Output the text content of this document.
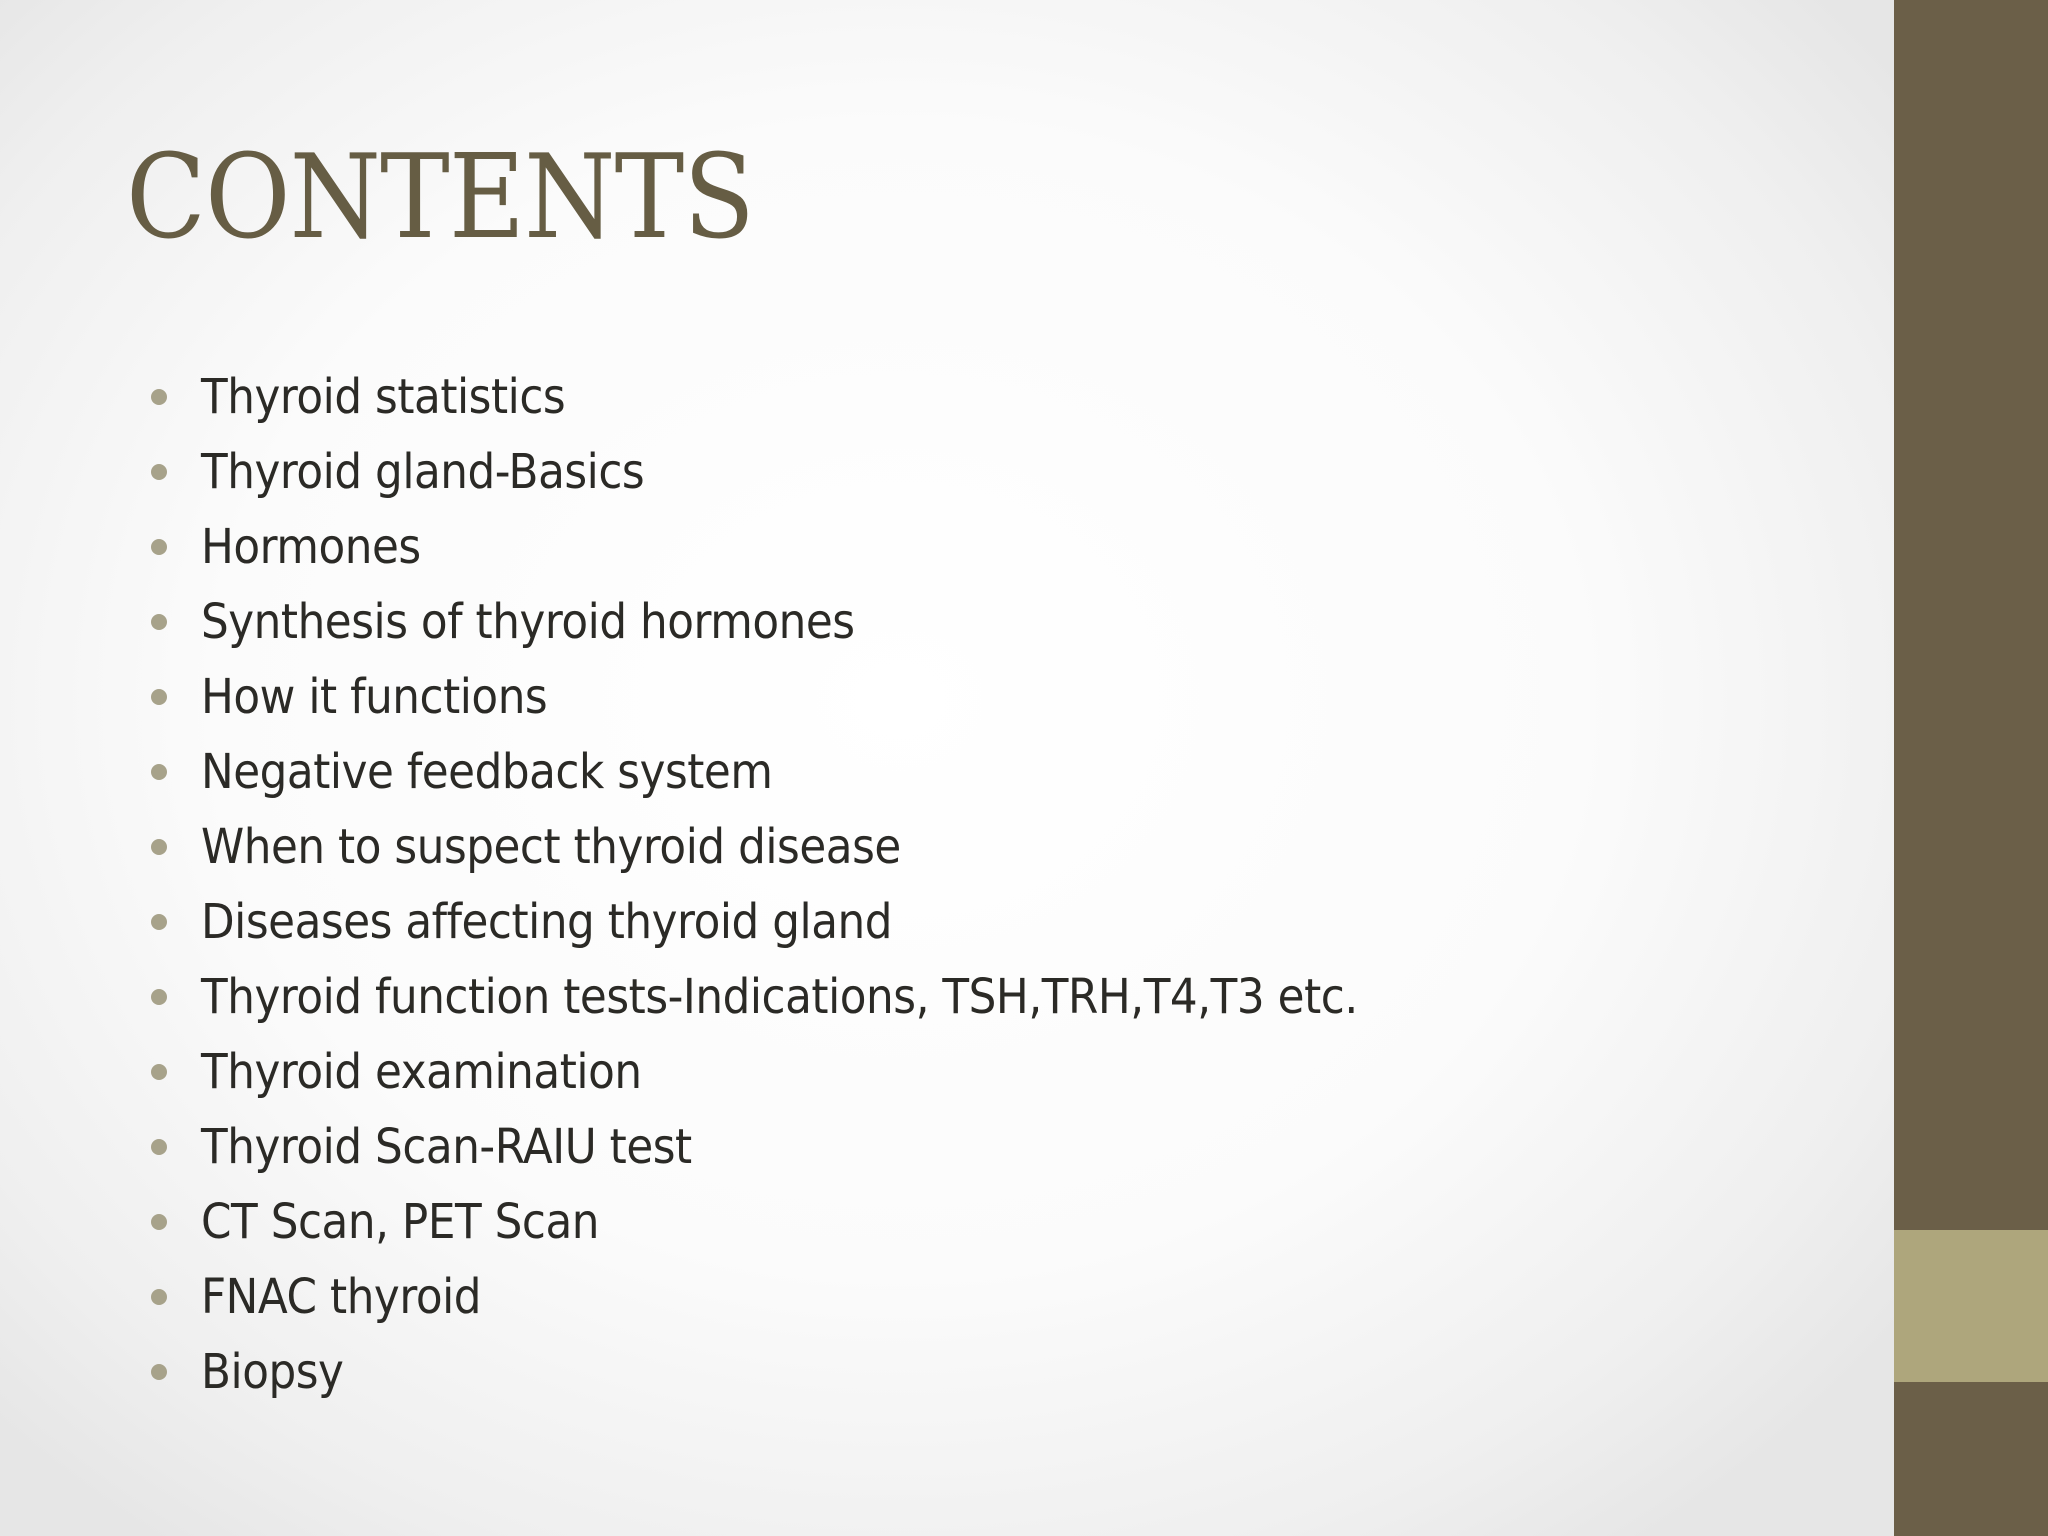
CONTENTS
Thyroid statistics
Thyroid gland-Basics
Hormones
Synthesis of thyroid hormones
How it functions
Negative feedback system
When to suspect thyroid disease
Diseases affecting thyroid gland
Thyroid function tests-Indications, TSH,TRH,T4,T3 etc.
Thyroid examination
Thyroid Scan-RAIU test
CT Scan, PET Scan
FNAC thyroid
Biopsy
